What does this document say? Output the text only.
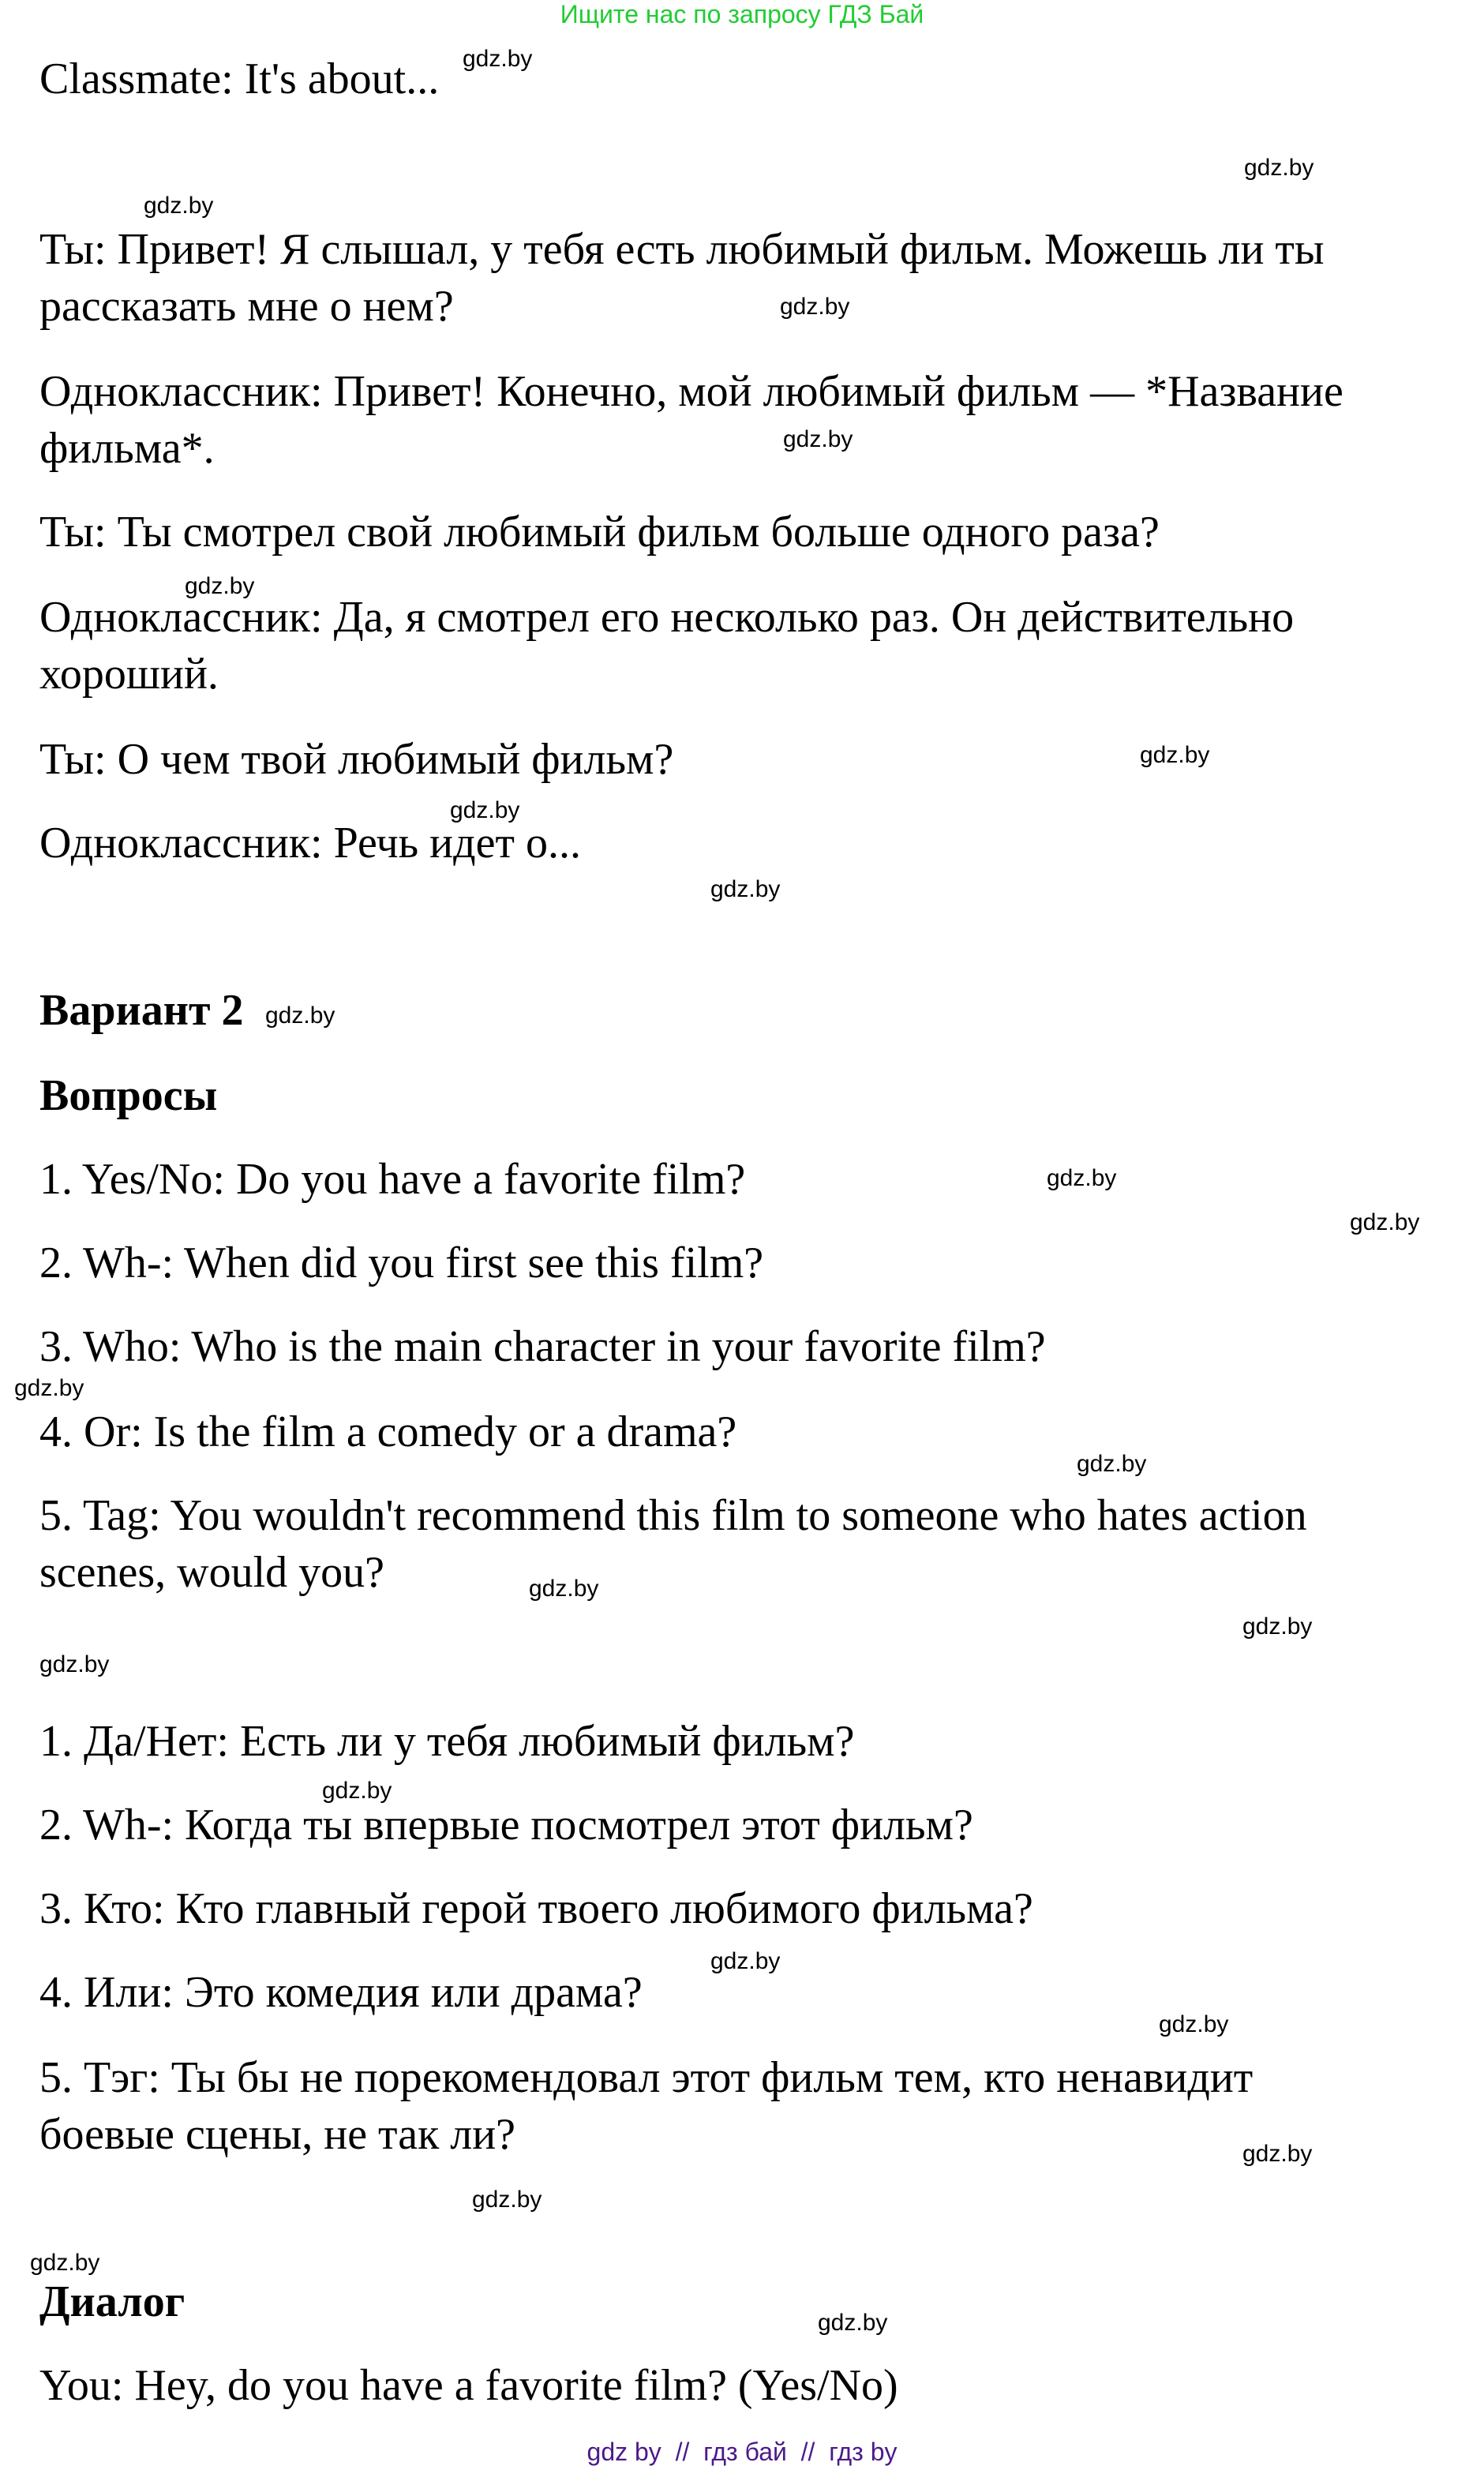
Ищите нас по запросу ГДЗ Бай
Classmate: It's about...
Ты: Привет! Я слышал, у тебя есть любимый фильм. Можешь ли ты
рассказать мне о нем?
Одноклассник: Привет! Конечно, мой любимый фильм — *Название
фильма*.
Ты: Ты смотрел свой любимый фильм больше одного раза?
Одноклассник: Да, я смотрел его несколько раз. Он действительно
хороший.
Ты: О чем твой любимый фильм?
Одноклассник: Речь идет о...
Вариант 2
Вопросы
1. Yes/No: Do you have a favorite film?
2. Wh-: When did you first see this film?
3. Who: Who is the main character in your favorite film?
4. Or: Is the film a comedy or a drama?
5. Tag: You wouldn't recommend this film to someone who hates action
scenes, would you?
1. Да/Нет: Есть ли у тебя любимый фильм?
2. Wh-: Когда ты впервые посмотрел этот фильм?
3. Кто: Кто главный герой твоего любимого фильма?
4. Или: Это комедия или драма?
5. Тэг: Ты бы не порекомендовал этот фильм тем, кто ненавидит
боевые сцены, не так ли?
Диалог
You: Hey, do you have a favorite film? (Yes/No)
gdz.by
gdz.by
gdz.by
gdz.by
gdz.by
gdz.by
gdz.by
gdz.by
gdz.by
gdz.by
gdz.by
gdz.by
gdz.by
gdz.by
gdz.by
gdz.by
gdz.by
gdz.by
gdz.by
gdz.by
gdz.by
gdz.by
gdz.by
gdz.by
gdz by  //  гдз бай  //  гдз by
